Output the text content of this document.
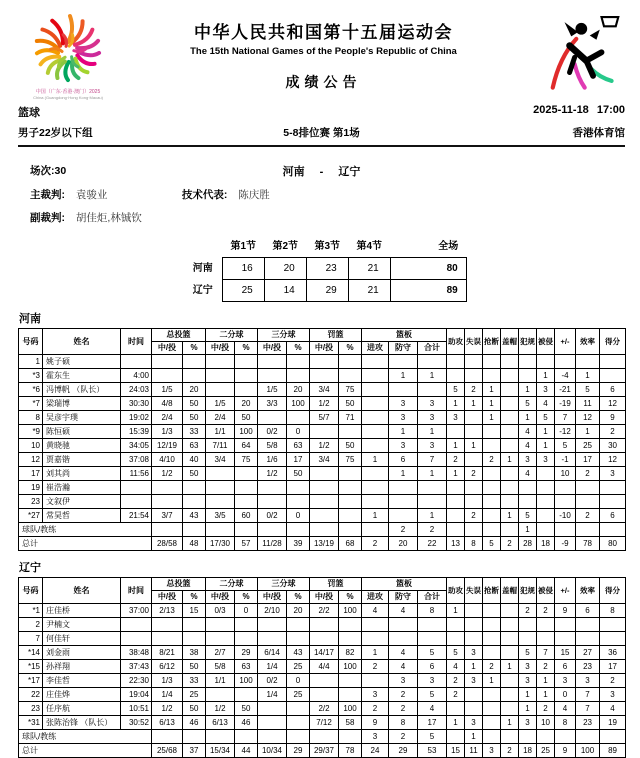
中国（广东·香港·澳门）2025
China (Guangdong·Hong Kong·Macau)
中华人民共和国第十五届运动会
The 15th National Games of the People's Republic of China
成绩公告
篮球	2025-11-18 17:00
男子22岁以下组	5-8排位赛 第1场	香港体育馆
场次:30	河南 - 辽宁
主裁判: 袁骏业	技术代表: 陈庆胜
副裁判: 胡佳炬,林铖钦
	第1节	第2节	第3节	第4节	全场
河南	16	20	23	21	80
辽宁	25	14	29	21	89
河南
号码	姓名	时间	总投篮		二分球		三分球		罚篮		篮板			助攻	失误	抢断	盖帽	犯规	被侵	+/-	效率	得分
			中/投	%	中/投	%	中/投	%	中/投	%	进攻	防守	合计									
1	姚子硕																					
*3	霍东生	4:00										1	1						1	-4	1	
*6	冯博帆 （队长）	24:03	1/5	20			1/5	20	3/4	75				5	2	1		1	3	-21	5	6
*7	梁瑞博	30:30	4/8	50	1/5	20	3/3	100	1/2	50		3	3	1	1	1		5	4	-19	11	12
8	吴彦宇璞	19:02	2/4	50	2/4	50			5/7	71		3	3	3		1		1	5	7	12	9
*9	陈恒硕	15:39	1/3	33	1/1	100	0/2	0				1	1					4	1	-12	1	2
10	黄晓驰	34:05	12/19	63	7/11	64	5/8	63	1/2	50		3	3	1	1			4	1	5	25	30
12	贾嘉锴	37:08	4/10	40	3/4	75	1/6	17	3/4	75	1	6	7	2		2	1	3	3	-1	17	12
17	刘其尚	11:56	1/2	50			1/2	50				1	1	1	2			4		10	2	3
19	崔浩瀚																					
23	文叙伊																					
*27	常昊哲	21:54	3/7	43	3/5	60	0/2	0			1		1		2		1	5		-10	2	6
球队/教练												2	2					1				
总计			28/58	48	17/30	57	11/28	39	13/19	68	2	20	22	13	8	5	2	28	18	-9	78	80
辽宁
号码	姓名	时间	总投篮		二分球		三分球		罚篮		篮板			助攻	失误	抢断	盖帽	犯规	被侵	+/-	效率	得分
			中/投	%	中/投	%	中/投	%	中/投	%	进攻	防守	合计									
*1	庄佳桥	37:00	2/13	15	0/3	0	2/10	20	2/2	100	4	4	8	1				2	2	9	6	8
2	尹楠文																					
7	何佳轩																					
*14	刘金雨	38:48	8/21	38	2/7	29	6/14	43	14/17	82	1	4	5	5	3			5	7	15	27	36
*15	孙祥翔	37:43	6/12	50	5/8	63	1/4	25	4/4	100	2	4	6	4	1	2	1	3	2	6	23	17
*17	李佳哲	22:30	1/3	33	1/1	100	0/2	0				3	3	2	3	1		3	1	3	3	2
22	庄佳烨	19:04	1/4	25			1/4	25			3	2	5	2				1	1	0	7	3
23	任序航	10:51	1/2	50	1/2	50			2/2	100	2	2	4					1	2	4	7	4
*31	张陈治锋 （队长）	30:52	6/13	46	6/13	46			7/12	58	9	8	17	1	3		1	3	10	8	23	19
球队/教练											3	2	5		1							
总计			25/68	37	15/34	44	10/34	29	29/37	78	24	29	53	15	11	3	2	18	25	9	100	89
